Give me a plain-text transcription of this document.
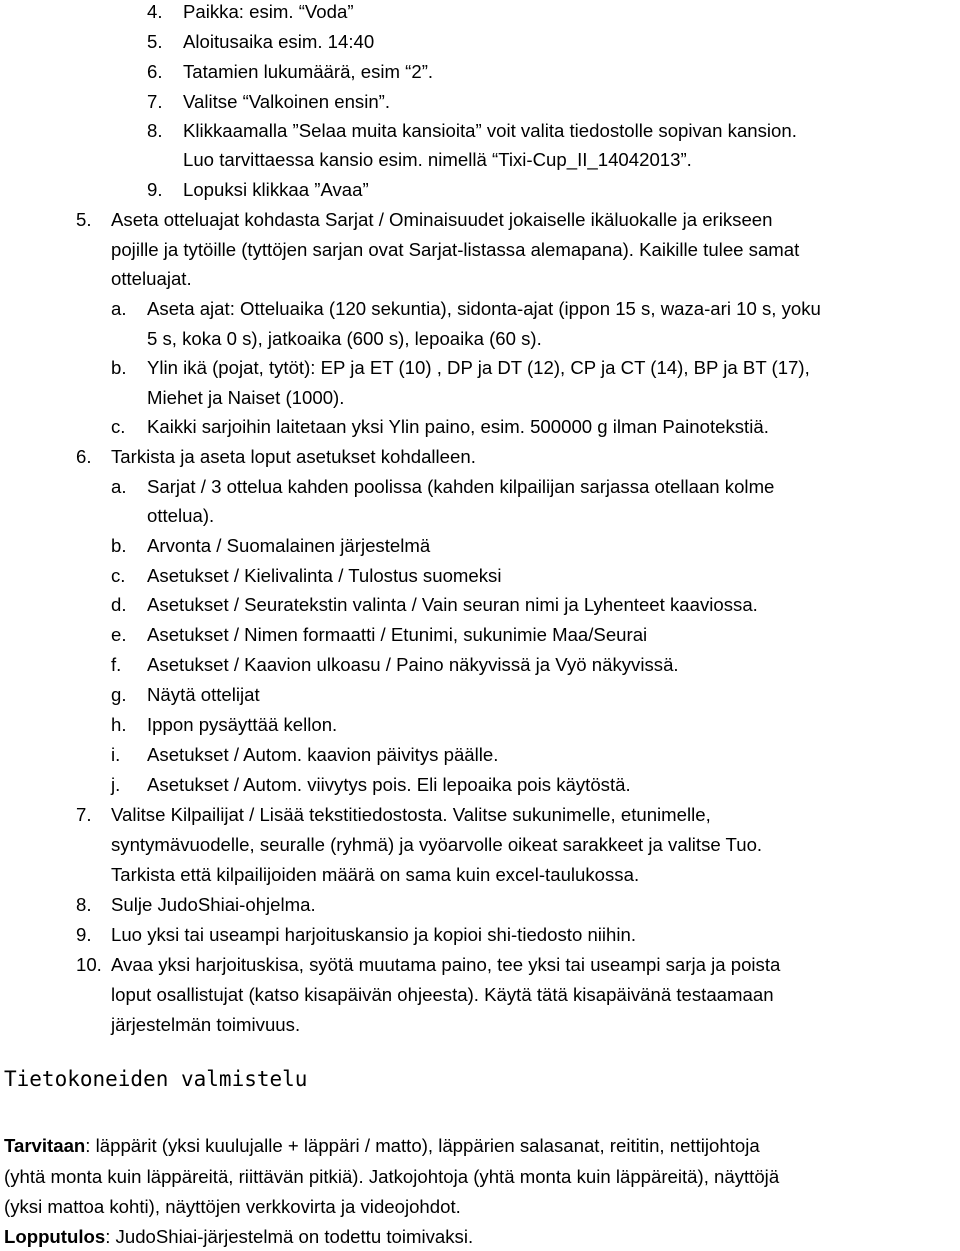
4. Paikka: esim. “Voda”
5. Aloitusaika esim. 14:40
6. Tatamien lukumäärä, esim “2”.
7. Valitse “Valkoinen ensin”.
8. Klikkaamalla ”Selaa muita kansioita” voit valita tiedostolle sopivan kansion.
Luo tarvittaessa kansio esim. nimellä “Tixi-Cup_II_14042013”.
9. Lopuksi klikkaa ”Avaa”
5. Aseta otteluajat kohdasta Sarjat / Ominaisuudet jokaiselle ikäluokalle ja erikseen
pojille ja tytöille (tyttöjen sarjan ovat Sarjat-listassa alemapana). Kaikille tulee samat
otteluajat.
a. Aseta ajat: Otteluaika (120 sekuntia), sidonta-ajat (ippon 15 s, waza-ari 10 s, yoku
5 s, koka 0 s), jatkoaika (600 s), lepoaika (60 s).
b. Ylin ikä (pojat, tytöt): EP ja ET (10) , DP ja DT (12), CP ja CT (14), BP ja BT (17),
Miehet ja Naiset (1000).
c. Kaikki sarjoihin laitetaan yksi Ylin paino, esim. 500000 g ilman Painotekstiä.
6. Tarkista ja aseta loput asetukset kohdalleen.
a. Sarjat / 3 ottelua kahden poolissa (kahden kilpailijan sarjassa otellaan kolme
ottelua).
b. Arvonta / Suomalainen järjestelmä
c. Asetukset / Kielivalinta / Tulostus suomeksi
d. Asetukset / Seuratekstin valinta / Vain seuran nimi ja Lyhenteet kaaviossa.
e. Asetukset / Nimen formaatti / Etunimi, sukunimie Maa/Seurai
f. Asetukset / Kaavion ulkoasu / Paino näkyvissä ja Vyö näkyvissä.
g. Näytä ottelijat
h. Ippon pysäyttää kellon.
i. Asetukset / Autom. kaavion päivitys päälle.
j. Asetukset / Autom. viivytys pois. Eli lepoaika pois käytöstä.
7. Valitse Kilpailijat / Lisää tekstitiedostosta. Valitse sukunimelle, etunimelle,
syntymävuodelle, seuralle (ryhmä) ja vyöarvolle oikeat sarakkeet ja valitse Tuo.
Tarkista että kilpailijoiden määrä on sama kuin excel-taulukossa.
8. Sulje JudoShiai-ohjelma.
9. Luo yksi tai useampi harjoituskansio ja kopioi shi-tiedosto niihin.
10. Avaa yksi harjoituskisa, syötä muutama paino, tee yksi tai useampi sarja ja poista
loput osallistujat (katso kisapäivän ohjeesta). Käytä tätä kisapäivänä testaamaan
järjestelmän toimivuus.
Tietokoneiden valmistelu
Tarvitaan: läppärit (yksi kuulujalle + läppäri / matto), läppärien salasanat, reititin, nettijohtoja
(yhtä monta kuin läppäreitä, riittävän pitkiä). Jatkojohtoja (yhtä monta kuin läppäreitä), näyttöjä
(yksi mattoa kohti), näyttöjen verkkovirta ja videojohdot.
Lopputulos: JudoShiai-järjestelmä on todettu toimivaksi.
